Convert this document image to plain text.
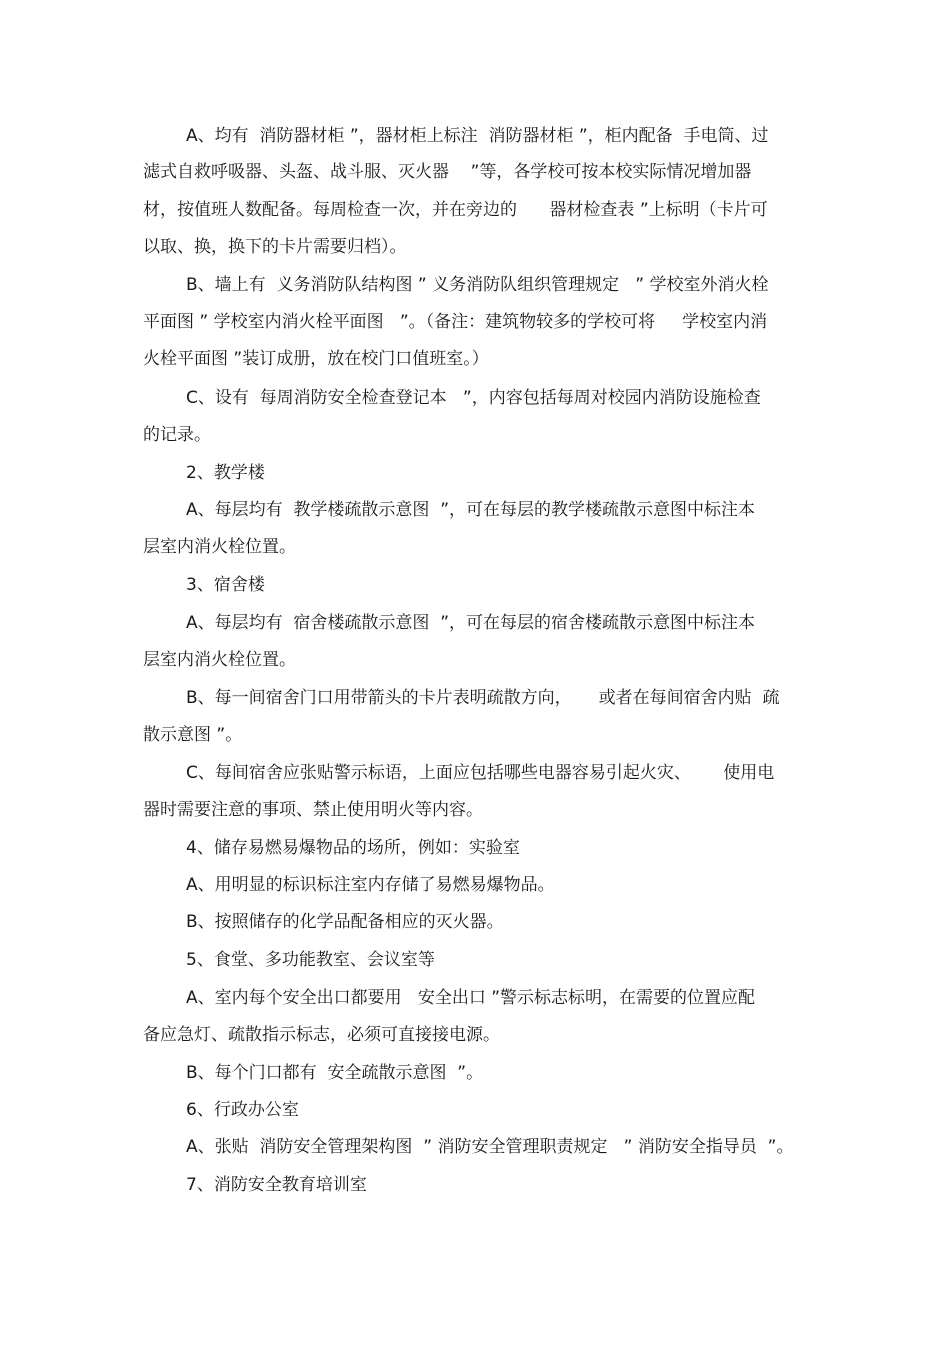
A、均有  消防器材柜 ”，器材柜上标注  消防器材柜 ”，柜内配备  手电筒、过

滤式自救呼吸器、头盔、战斗服、灭火器    ”等，各学校可按本校实际情况增加器

材，按值班人数配备。每周检查一次，并在旁边的      器材检查表 ”上标明（卡片可

以取、换，换下的卡片需要归档）。

B、墙上有  义务消防队结构图 ” 义务消防队组织管理规定   ” 学校室外消火栓

平面图 ” 学校室内消火栓平面图   ”。（备注：建筑物较多的学校可将     学校室内消

火栓平面图 ”装订成册，放在校门口值班室。）

C、设有  每周消防安全检查登记本   ”，内容包括每周对校园内消防设施检查

的记录。

2、教学楼

A、每层均有  教学楼疏散示意图  ”，可在每层的教学楼疏散示意图中标注本

层室内消火栓位置。

3、宿舍楼

A、每层均有  宿舍楼疏散示意图  ”，可在每层的宿舍楼疏散示意图中标注本

层室内消火栓位置。

B、每一间宿舍门口用带箭头的卡片表明疏散方向，     或者在每间宿舍内贴  疏

散示意图 ”。

C、每间宿舍应张贴警示标语，上面应包括哪些电器容易引起火灾、      使用电

器时需要注意的事项、禁止使用明火等内容。

4、储存易燃易爆物品的场所，例如：实验室

A、用明显的标识标注室内存储了易燃易爆物品。

B、按照储存的化学品配备相应的灭火器。

5、食堂、多功能教室、会议室等

A、室内每个安全出口都要用   安全出口 ”警示标志标明，在需要的位置应配

备应急灯、疏散指示标志，必须可直接接电源。

B、每个门口都有  安全疏散示意图  ”。

6、行政办公室

A、张贴  消防安全管理架构图  ” 消防安全管理职责规定   ” 消防安全指导员  ”。

7、消防安全教育培训室
